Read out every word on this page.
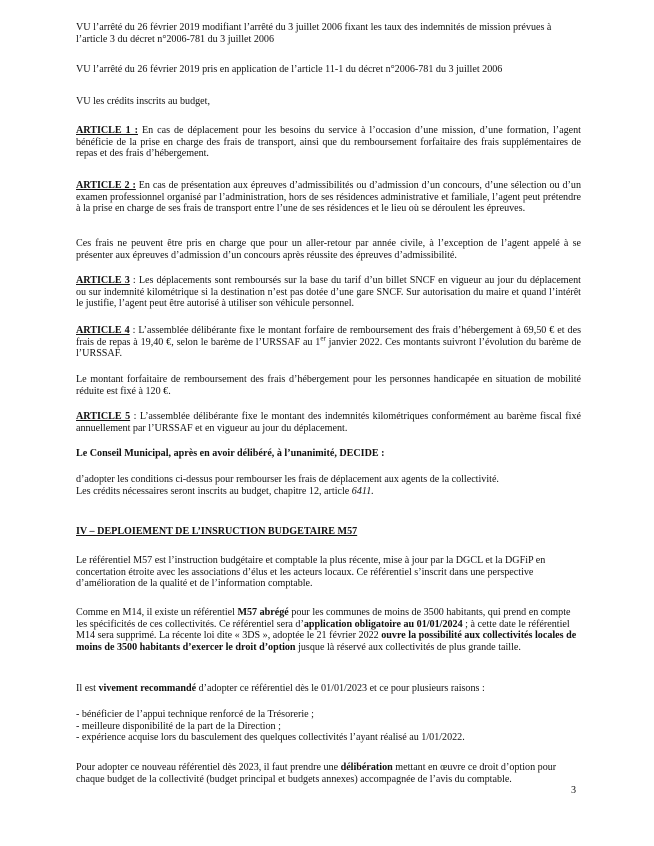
VU l’arrêté du 26 février 2019 modifiant l’arrêté du 3 juillet 2006 fixant les taux des indemnités de mission prévues à l’article 3 du décret n°2006-781 du 3 juillet 2006

VU l’arrêté du 26 février 2019 pris en application de l’article 11-1 du décret n°2006-781 du 3 juillet 2006

VU les crédits inscrits au budget,

ARTICLE 1 : En cas de déplacement pour les besoins du service à l’occasion d’une mission, d’une formation, l’agent bénéficie de la prise en charge des frais de transport, ainsi que du remboursement forfaitaire des frais supplémentaires de repas et des frais d’hébergement.

ARTICLE 2 : En cas de présentation aux épreuves d’admissibilités ou d’admission d’un concours, d’une sélection ou d’un examen professionnel organisé par l’administration, hors de ses résidences administrative et familiale, l’agent peut prétendre à la prise en charge de ses frais de transport entre l’une de ses résidences et le lieu où se déroulent les épreuves.

Ces frais ne peuvent être pris en charge que pour un aller-retour par année civile, à l’exception de l’agent appelé à se présenter aux épreuves d’admission d’un concours après réussite des épreuves d’admissibilité.

ARTICLE 3 : Les déplacements sont remboursés sur la base du tarif d’un billet SNCF en vigueur au jour du déplacement ou sur indemnité kilométrique si la destination n’est pas dotée d’une gare SNCF. Sur autorisation du maire et quand l’intérêt le justifie, l’agent peut être autorisé à utiliser son véhicule personnel.

ARTICLE 4 : L’assemblée délibérante fixe le montant forfaire de remboursement des frais d’hébergement à 69,50 € et des frais de repas à 19,40 €, selon le barème de l’URSSAF au 1er janvier 2022. Ces montants suivront l’évolution du barème de l’URSSAF.

Le montant forfaitaire de remboursement des frais d’hébergement pour les personnes handicapée en situation de mobilité réduite est fixé à 120 €.

ARTICLE 5 : L’assemblée délibérante fixe le montant des indemnités kilométriques conformément au barème fiscal fixé annuellement par l’URSSAF et en vigueur au jour du déplacement.

Le Conseil Municipal, après en avoir délibéré, à l’unanimité, DECIDE :

d’adopter les conditions ci-dessus pour rembourser les frais de déplacement aux agents de la collectivité.

Les crédits nécessaires seront inscrits au budget, chapitre 12, article 6411.

IV – DEPLOIEMENT DE L’INSRUCTION BUDGETAIRE M57

Le référentiel M57 est l’instruction budgétaire et comptable la plus récente, mise à jour par la DGCL et la DGFiP en concertation étroite avec les associations d’élus et les acteurs locaux. Ce référentiel s’inscrit dans une perspective d’amélioration de la qualité et de l’information comptable.

Comme en M14, il existe un référentiel M57 abrégé pour les communes de moins de 3500 habitants, qui prend en compte les spécificités de ces collectivités. Ce référentiel sera d’application obligatoire au 01/01/2024 ; à cette date le référentiel M14 sera supprimé. La récente loi dite « 3DS », adoptée le 21 février 2022 ouvre la possibilité aux collectivités locales de moins de 3500 habitants d’exercer le droit d’option jusque là réservé aux collectivités de plus grande taille.

Il est vivement recommandé d’adopter ce référentiel dès le 01/01/2023 et ce pour plusieurs raisons :

- bénéficier de l’appui technique renforcé de la Trésorerie ;

- meilleure disponibilité de la part de la Direction ;

- expérience acquise lors du basculement des quelques collectivités l’ayant réalisé au 1/01/2022.

Pour adopter ce nouveau référentiel dès 2023, il faut prendre une délibération mettant en œuvre ce droit d’option pour chaque budget de la collectivité (budget principal et budgets annexes) accompagnée de l’avis du comptable.

3
